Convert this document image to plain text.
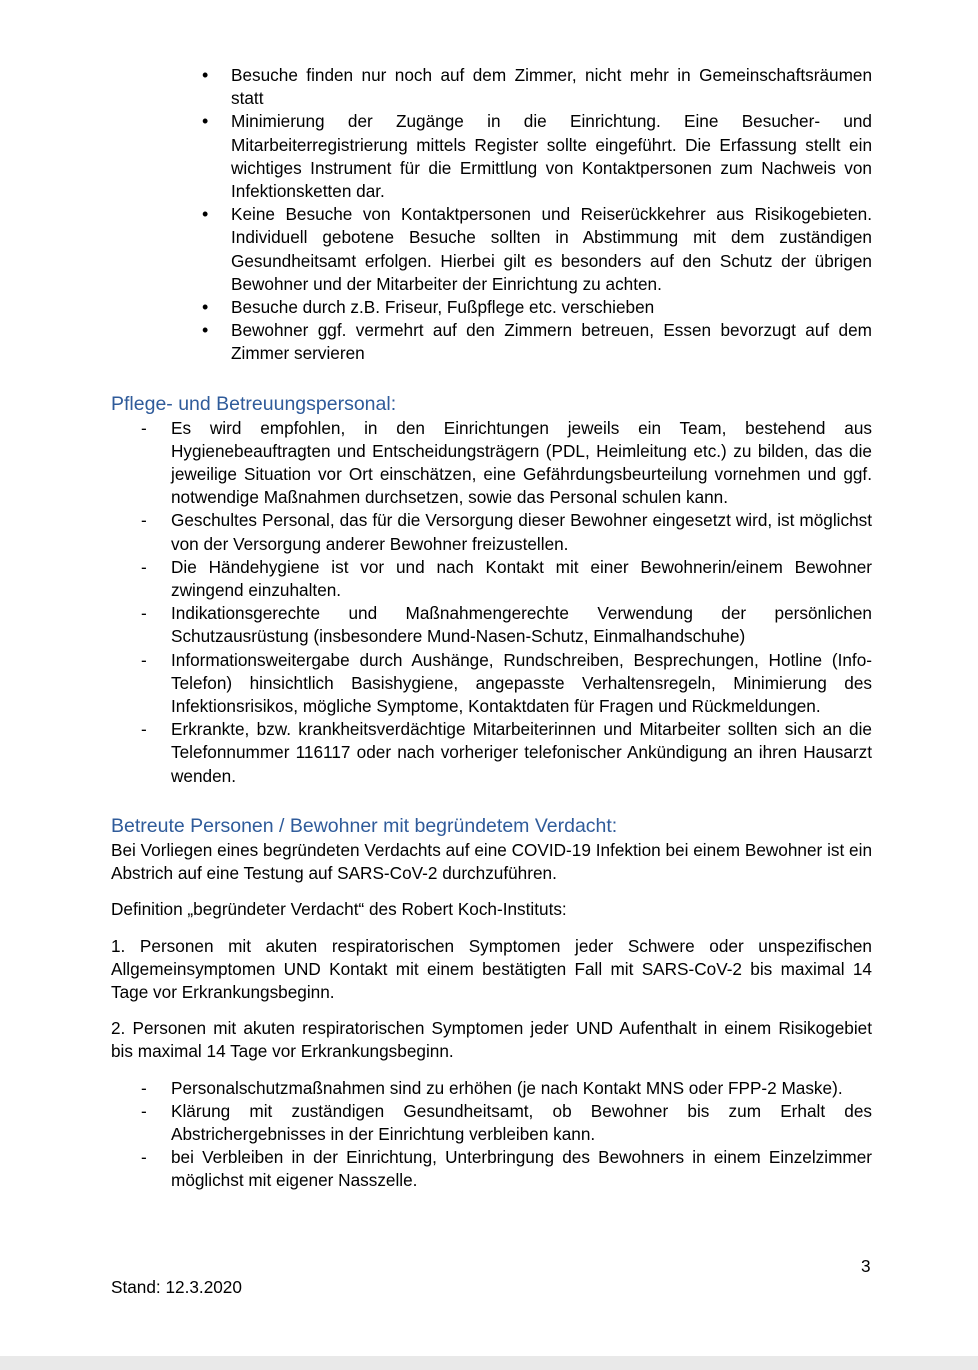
• Besuche finden nur noch auf dem Zimmer, nicht mehr in Gemeinschaftsräumen statt
• Minimierung der Zugänge in die Einrichtung. Eine Besucher- und Mitarbeiterregistrierung mittels Register sollte eingeführt. Die Erfassung stellt ein wichtiges Instrument für die Ermittlung von Kontaktpersonen zum Nachweis von Infektionsketten dar.
• Keine Besuche von Kontaktpersonen und Reiserückkehrer aus Risikogebieten. Individuell gebotene Besuche sollten in Abstimmung mit dem zuständigen Gesundheitsamt erfolgen. Hierbei gilt es besonders auf den Schutz der übrigen Bewohner und der Mitarbeiter der Einrichtung zu achten.
• Besuche durch z.B. Friseur, Fußpflege etc. verschieben
• Bewohner ggf. vermehrt auf den Zimmern betreuen, Essen bevorzugt auf dem Zimmer servieren
Pflege- und Betreuungspersonal:
- Es wird empfohlen, in den Einrichtungen jeweils ein Team, bestehend aus Hygienebeauftragten und Entscheidungsträgern (PDL, Heimleitung etc.) zu bilden, das die jeweilige Situation vor Ort einschätzen, eine Gefährdungsbeurteilung vornehmen und ggf. notwendige Maßnahmen durchsetzen, sowie das Personal schulen kann.
- Geschultes Personal, das für die Versorgung dieser Bewohner eingesetzt wird, ist möglichst von der Versorgung anderer Bewohner freizustellen.
- Die Händehygiene ist vor und nach Kontakt mit einer Bewohnerin/einem Bewohner zwingend einzuhalten.
- Indikationsgerechte und Maßnahmengerechte Verwendung der persönlichen Schutzausrüstung (insbesondere Mund-Nasen-Schutz, Einmalhandschuhe)
- Informationsweitergabe durch Aushänge, Rundschreiben, Besprechungen, Hotline (Info-Telefon) hinsichtlich Basishygiene, angepasste Verhaltensregeln, Minimierung des Infektionsrisikos, mögliche Symptome, Kontaktdaten für Fragen und Rückmeldungen.
- Erkrankte, bzw. krankheitsverdächtige Mitarbeiterinnen und Mitarbeiter sollten sich an die Telefonnummer 116117 oder nach vorheriger telefonischer Ankündigung an ihren Hausarzt wenden.
Betreute Personen / Bewohner mit begründetem Verdacht:

Bei Vorliegen eines begründeten Verdachts auf eine COVID-19 Infektion bei einem Bewohner ist ein Abstrich auf eine Testung auf SARS-CoV-2 durchzuführen.

Definition „begründeter Verdacht“ des Robert Koch-Instituts:

1. Personen mit akuten respiratorischen Symptomen jeder Schwere oder unspezifischen Allgemeinsymptomen UND Kontakt mit einem bestätigten Fall mit SARS-CoV-2 bis maximal 14 Tage vor Erkrankungsbeginn.

2. Personen mit akuten respiratorischen Symptomen jeder UND Aufenthalt in einem Risikogebiet bis maximal 14 Tage vor Erkrankungsbeginn.

- Personalschutzmaßnahmen sind zu erhöhen (je nach Kontakt MNS oder FPP-2 Maske).
- Klärung mit zuständigen Gesundheitsamt, ob Bewohner bis zum Erhalt des Abstrichergebnisses in der Einrichtung verbleiben kann.
- bei Verbleiben in der Einrichtung, Unterbringung des Bewohners in einem Einzelzimmer möglichst mit eigener Nasszelle.
3
Stand: 12.3.2020
